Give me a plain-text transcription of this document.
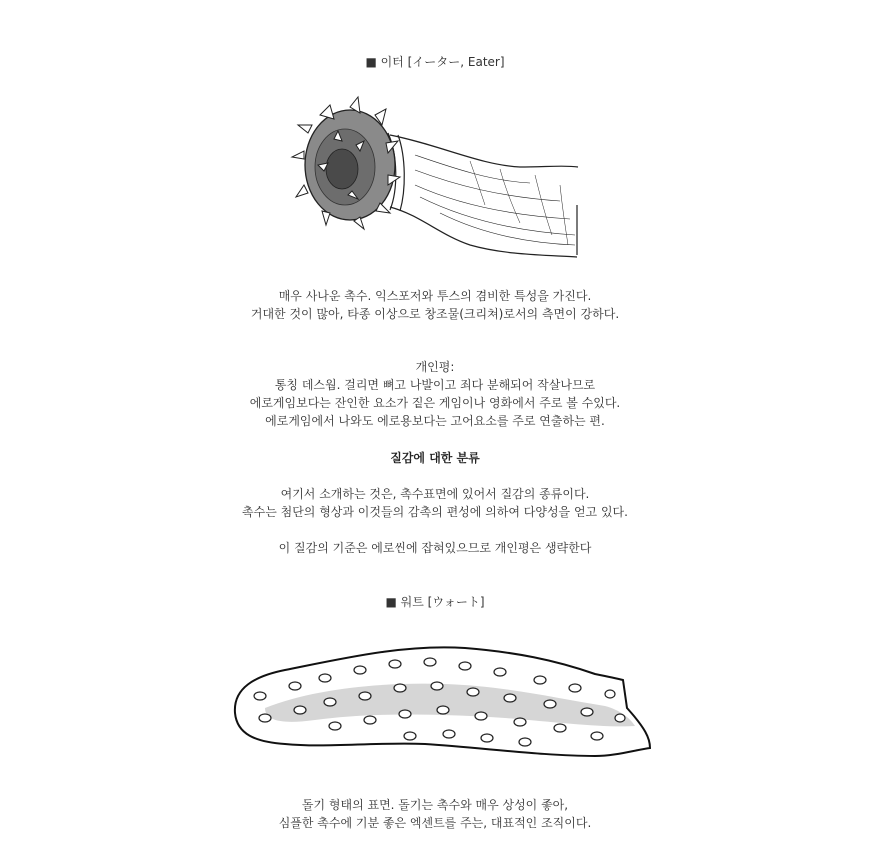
■ 이터 [イーター, Eater]
매우 사나운 촉수. 익스포저와 투스의 겸비한 특성을 가진다.
거대한 것이 많아, 타종 이상으로 창조물(크리쳐)로서의 측면이 강하다.
개인평:
통칭 데스웜. 걸리면 뼈고 나발이고 죄다 분해되어 작살나므로
에로게임보다는 잔인한 요소가 짙은 게임이나 영화에서 주로 볼 수있다.
에로게임에서 나와도 에로용보다는 고어요소를 주로 연출하는 편.
질감에 대한 분류
여기서 소개하는 것은, 촉수표면에 있어서 질감의 종류이다.
촉수는 첨단의 형상과 이것들의 감촉의 편성에 의하여 다양성을 얻고 있다.
이 질감의 기준은 에로씬에 잡혀있으므로 개인평은 생략한다
■ 워트 [ウォート]
돌기 형태의 표면. 돌기는 촉수와 매우 상성이 좋아,
심플한 촉수에 기분 좋은 엑센트를 주는, 대표적인 조직이다.
